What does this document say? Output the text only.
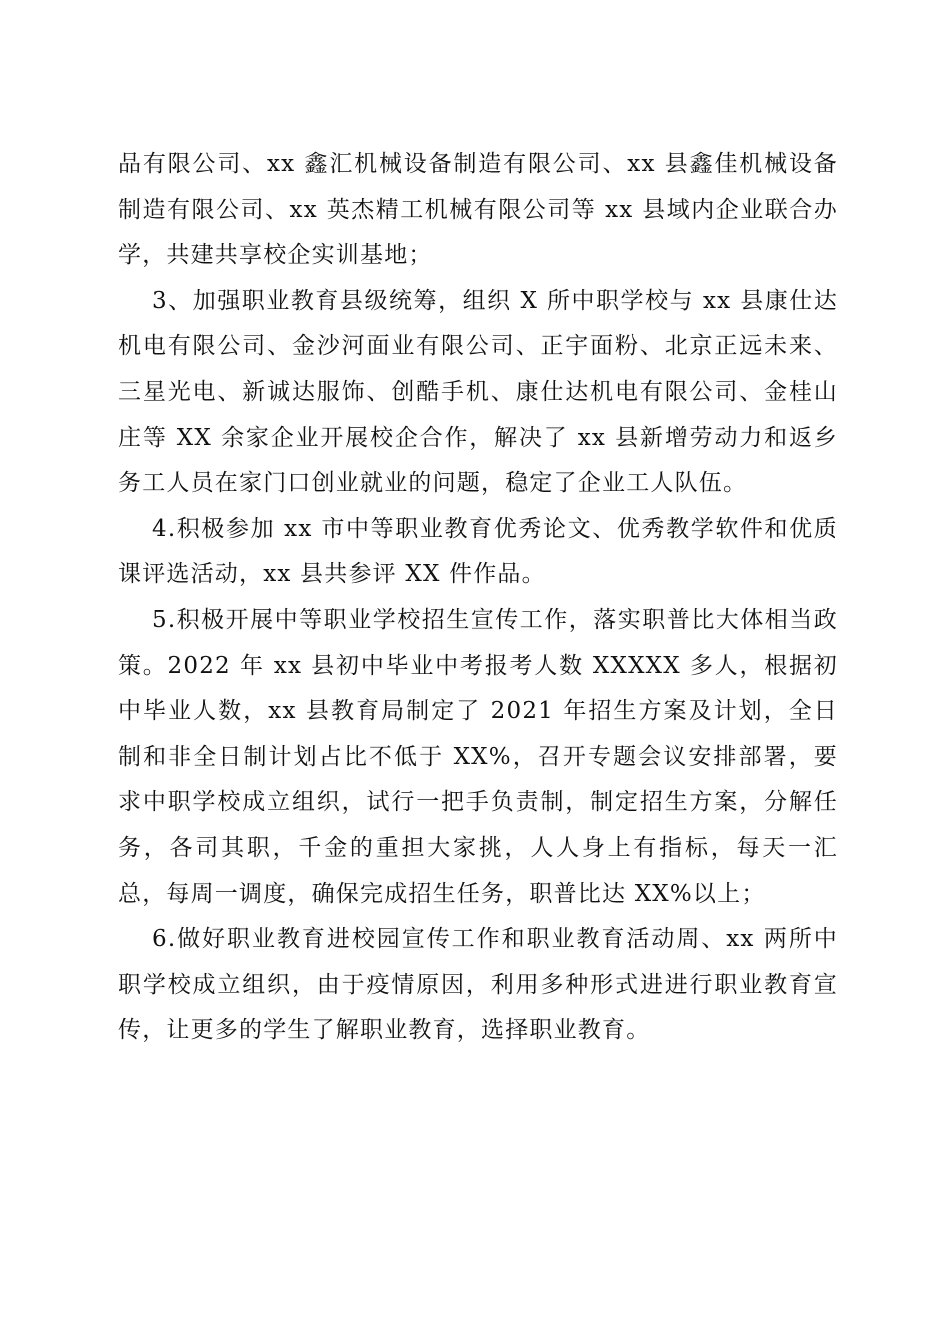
品有限公司、xx 鑫汇机械设备制造有限公司、xx 县鑫佳机械设备制造有限公司、xx 英杰精工机械有限公司等 xx 县域内企业联合办学，共建共享校企实训基地；

3、加强职业教育县级统筹，组织 X 所中职学校与 xx 县康仕达机电有限公司、金沙河面业有限公司、正宇面粉、北京正远未来、三星光电、新诚达服饰、创酷手机、康仕达机电有限公司、金桂山庄等 XX 余家企业开展校企合作，解决了 xx 县新增劳动力和返乡务工人员在家门口创业就业的问题，稳定了企业工人队伍。

4.积极参加 xx 市中等职业教育优秀论文、优秀教学软件和优质课评选活动，xx 县共参评 XX 件作品。

5.积极开展中等职业学校招生宣传工作，落实职普比大体相当政策。2022 年 xx 县初中毕业中考报考人数 XXXXX 多人，根据初中毕业人数，xx 县教育局制定了 2021 年招生方案及计划，全日制和非全日制计划占比不低于 XX%，召开专题会议安排部署，要求中职学校成立组织，试行一把手负责制，制定招生方案，分解任务，各司其职，千金的重担大家挑，人人身上有指标，每天一汇总，每周一调度，确保完成招生任务，职普比达 XX%以上；

6.做好职业教育进校园宣传工作和职业教育活动周、xx 两所中职学校成立组织，由于疫情原因，利用多种形式进进行职业教育宣传，让更多的学生了解职业教育，选择职业教育。
